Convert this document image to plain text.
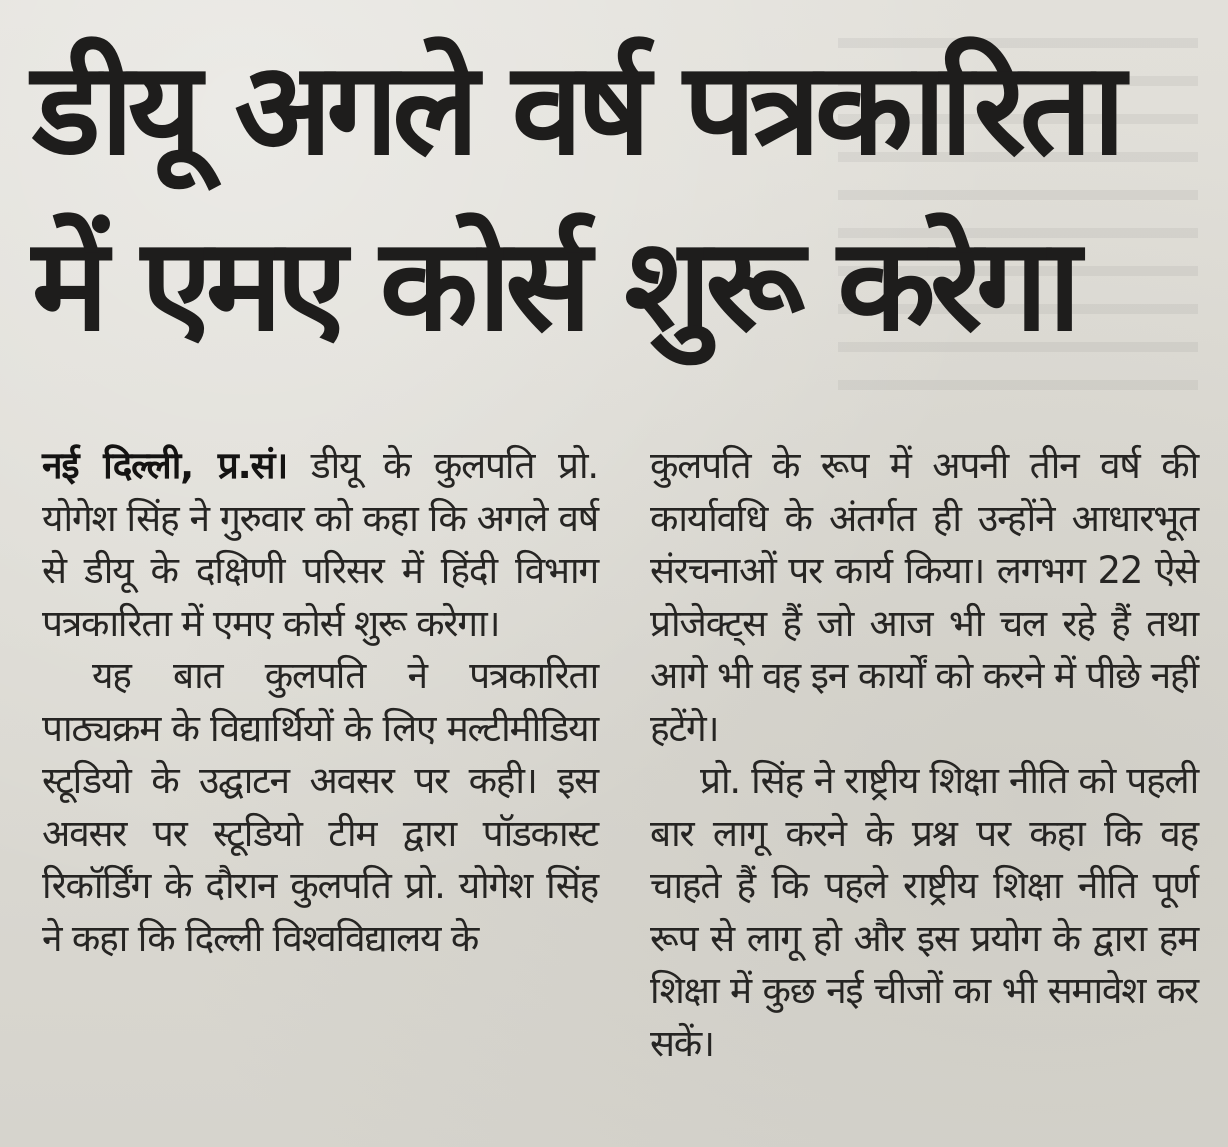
डीयू अगले वर्ष पत्रकारिता
में एमए कोर्स शुरू करेगा

नई दिल्ली, प्र.सं। डीयू के कुलपति प्रो. योगेश सिंह ने गुरुवार को कहा कि अगले वर्ष से डीयू के दक्षिणी परिसर में हिंदी विभाग पत्रकारिता में एमए कोर्स शुरू करेगा।

यह बात कुलपति ने पत्रकारिता पाठ्यक्रम के विद्यार्थियों के लिए मल्टीमीडिया स्टूडियो के उद्घाटन अवसर पर कही। इस अवसर पर स्टूडियो टीम द्वारा पॉडकास्ट रिकॉर्डिंग के दौरान कुलपति प्रो. योगेश सिंह ने कहा कि दिल्ली विश्वविद्यालय के

कुलपति के रूप में अपनी तीन वर्ष की कार्यावधि के अंतर्गत ही उन्होंने आधारभूत संरचनाओं पर कार्य किया। लगभग 22 ऐसे प्रोजेक्ट्स हैं जो आज भी चल रहे हैं तथा आगे भी वह इन कार्यों को करने में पीछे नहीं हटेंगे।

प्रो. सिंह ने राष्ट्रीय शिक्षा नीति को पहली बार लागू करने के प्रश्न पर कहा कि वह चाहते हैं कि पहले राष्ट्रीय शिक्षा नीति पूर्ण रूप से लागू हो और इस प्रयोग के द्वारा हम शिक्षा में कुछ नई चीजों का भी समावेश कर सकें।
